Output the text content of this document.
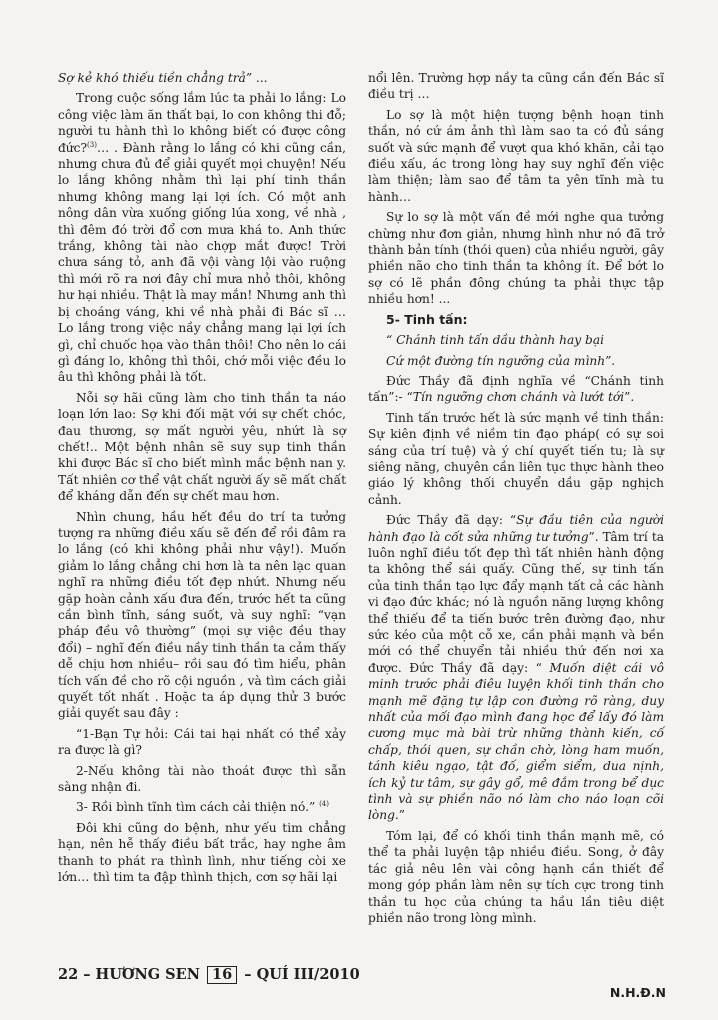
Sợ kẻ khó thiếu tiền chẳng trả” ...

Trong cuộc sống lắm lúc ta phải lo lắng: Lo công việc làm ăn thất bại, lo con không thi đỗ; người tu hành thì lo không biết có được công đức?$^{(3)}$… . Đành rằng lo lắng có khi cũng cần, nhưng chưa đủ để giải quyết mọi chuyện! Nếu lo lắng không nhằm thì lại phí tinh thần nhưng không mang lại lợi ích. Có một anh nông dân vừa xuống giống lúa xong, về nhà , thì đêm đó trời đổ cơn mưa khá to. Anh thức trắng, không tài nào chợp mắt được! Trời chưa sáng tỏ, anh đã vội vàng lội vào ruộng thì mới rõ ra nơi đây chỉ mưa nhỏ thôi, không hư hại nhiều. Thật là may mắn! Nhưng anh thì bị choáng váng, khi về nhà phải đi Bác sĩ … Lo lắng trong việc nầy chẳng mang lại lợi ích gì, chỉ chuốc họa vào thân thôi! Cho nên lo cái gì đáng lo, không thì thôi, chớ mỗi việc đều lo âu thì không phải là tốt.

Nỗi sợ hãi cũng làm cho tinh thần ta náo loạn lớn lao: Sợ khi đối mặt với sự chết chóc, đau thương, sợ mất người yêu, nhứt là sợ chết!.. Một bệnh nhân sẽ suy sụp tinh thần khi được Bác sĩ cho biết mình mắc bệnh nan y. Tất nhiên cơ thể vật chất người ấy sẽ mất chất để kháng dẫn đến sự chết mau hơn.

Nhìn chung, hầu hết đều do trí ta tưởng tượng ra những điều xấu sẽ đến để rồi đâm ra lo lắng (có khi không phải như vậy!). Muốn giảm lo lắng chẳng chi hơn là ta nên lạc quan nghĩ ra những điều tốt đẹp nhứt. Nhưng nếu gặp hoàn cảnh xấu đưa đến, trước hết ta cũng cần bình tĩnh, sáng suốt, và suy nghĩ: “vạn pháp đều vô thường” (mọi sự việc đều thay đổi) – nghĩ đến điều nầy tinh thần ta cảm thấy dễ chịu hơn nhiều– rồi sau đó tìm hiểu, phân tích vấn đề cho rõ cội nguồn , và tìm cách giải quyết tốt nhất . Hoặc ta áp dụng thử 3 bước giải quyết sau đây :

“1-Bạn Tự hỏi: Cái tai hại nhất có thể xảy ra được là gì?

2-Nếu không tài nào thoát được thì sẵn sàng nhận đi.

3- Rồi bình tĩnh tìm cách cải thiện nó.” $^{(4)}$

Đôi khi cũng do bệnh, như yếu tim chẳng hạn, nên hễ thấy điều bất trắc, hay nghe âm thanh to phát ra thình lình, như tiếng còi xe lớn… thì tim ta đập thình thịch, cơn sợ hãi lại

nổi lên. Trường hợp nầy ta cũng cần đến Bác sĩ điều trị …

Lo sợ là một hiện tượng bệnh hoạn tinh thần, nó cứ ám ảnh thì làm sao ta có đủ sáng suốt và sức mạnh để vượt qua khó khăn, cải tạo điều xấu, ác trong lòng hay suy nghĩ đến việc làm thiện; làm sao để tâm ta yên tĩnh mà tu hành…

Sự lo sợ là một vấn đề mới nghe qua tưởng chừng như đơn giản, nhưng hình như nó đã trở thành bản tính (thói quen) của nhiều người, gây phiền não cho tinh thần ta không ít. Để bớt lo sợ có lẽ phần đông chúng ta phải thực tập nhiều hơn! ...

5- Tinh tấn:

“ Chánh tinh tấn dầu thành hay bại

Cứ một đường tín ngưỡng của mình”.

Đức Thầy đã định nghĩa về “Chánh tinh tấn”:- “Tín ngưỡng chơn chánh và lướt tới”.

Tinh tấn trước hết là sức mạnh về tinh thần: Sự kiên định về niềm tin đạo pháp( có sự soi sáng của trí tuệ) và ý chí quyết tiến tu; là sự siêng năng, chuyên cần liên tục thực hành theo giáo lý không thối chuyển dầu gặp nghịch cảnh.

Đức Thầy đã dạy: “Sự đầu tiên của người hành đạo là cốt sửa những tư tưởng”. Tâm trí ta luôn nghĩ điều tốt đẹp thì tất nhiên hành động ta không thể sái quấy. Cũng thế, sự tinh tấn của tinh thần tạo lực đẩy mạnh tất cả các hành vi đạo đức khác; nó là nguồn năng lượng không thể thiếu để ta tiến bước trên đường đạo, như sức kéo của một cỗ xe, cần phải mạnh và bền mới có thể chuyển tải nhiều thứ đến nơi xa được. Đức Thầy đã dạy: “ Muốn diệt cái vô minh trước phải điêu luyện khối tinh thần cho mạnh mẽ đặng tự lập con đường rõ ràng, duy nhất của mối đạo mình đang học để lấy đó làm cương mục mà bài trừ những thành kiến, cố chấp, thói quen, sự chần chờ, lòng ham muốn, tánh kiêu ngạo, tật đố, giểm siểm, dua nịnh, ích kỷ tư tâm, sự gây gổ, mê đắm trong bể dục tình và sự phiền não nó làm cho náo loạn cõi lòng.”

Tóm lại, để có khối tinh thần mạnh mẽ, có thể ta phải luyện tập nhiều điều. Song, ở đây tác giả nêu lên vài công hạnh cần thiết để mong góp phần làm nên sự tích cực trong tinh thần tu học của chúng ta hầu lần tiêu diệt phiền não trong lòng mình.

22 – HƯƠNG SEN 16 – QUÍ III/2010
N.H.Đ.N
